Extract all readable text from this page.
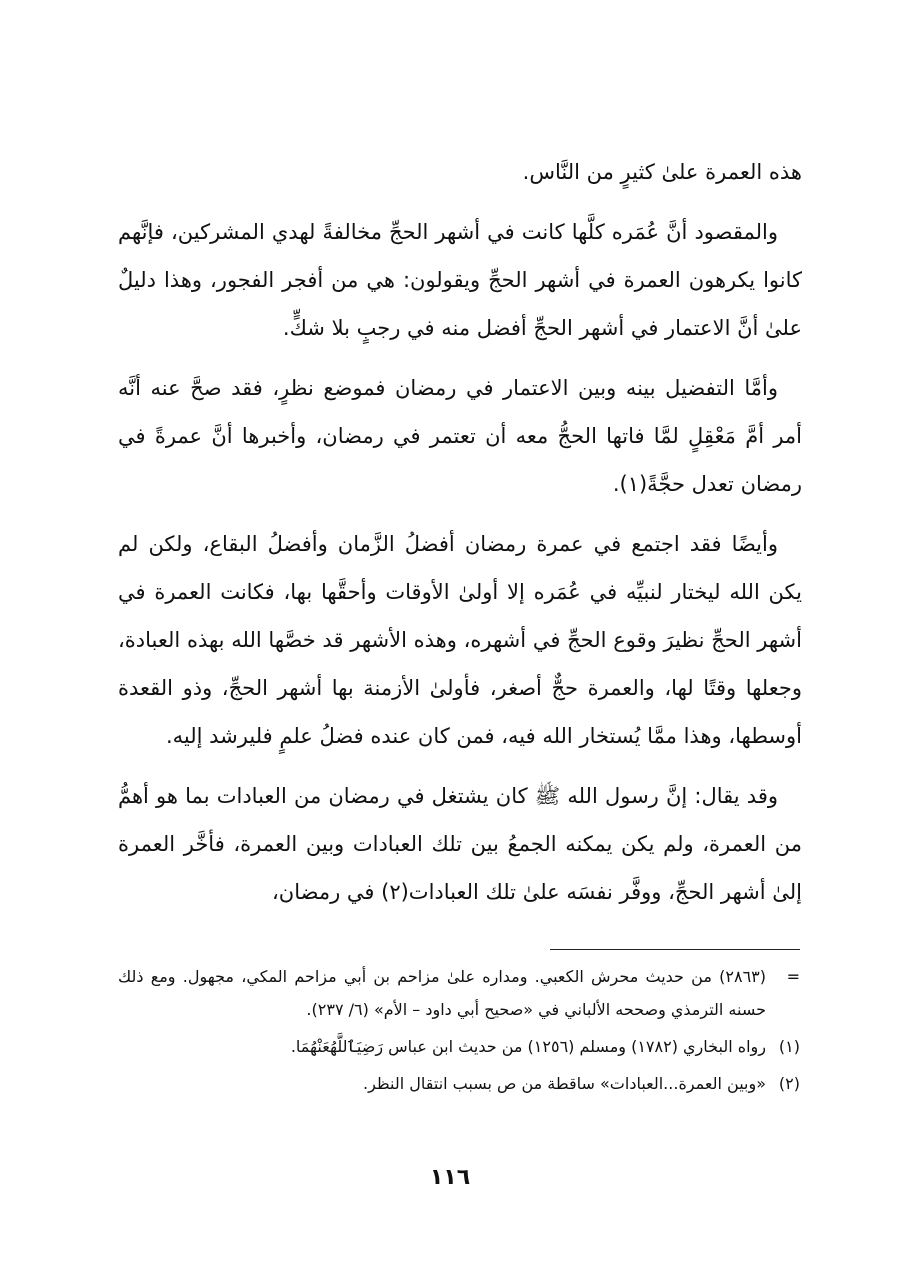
هذه العمرة علىٰ كثيرٍ من النَّاس.

والمقصود أنَّ عُمَره كلَّها كانت في أشهر الحجِّ مخالفةً لهدي المشركين، فإنَّهم كانوا يكرهون العمرة في أشهر الحجِّ ويقولون: هي من أفجر الفجور، وهذا دليلٌ علىٰ أنَّ الاعتمار في أشهر الحجِّ أفضل منه في رجبٍ بلا شكٍّ.

وأمَّا التفضيل بينه وبين الاعتمار في رمضان فموضع نظرٍ، فقد صحَّ عنه أنَّه أمر أمَّ مَعْقِلٍ لمَّا فاتها الحجُّ معه أن تعتمر في رمضان، وأخبرها أنَّ عمرةً في رمضان تعدل حجَّةً(١).

وأيضًا فقد اجتمع في عمرة رمضان أفضلُ الزَّمان وأفضلُ البقاع، ولكن لم يكن الله ليختار لنبيِّه في عُمَره إلا أولىٰ الأوقات وأحقَّها بها، فكانت العمرة في أشهر الحجِّ نظيرَ وقوع الحجِّ في أشهره، وهذه الأشهر قد خصَّها الله بهذه العبادة، وجعلها وقتًا لها، والعمرة حجٌّ أصغر، فأولىٰ الأزمنة بها أشهر الحجِّ، وذو القعدة أوسطها، وهذا ممَّا يُستخار الله فيه، فمن كان عنده فضلُ علمٍ فليرشد إليه.

وقد يقال: إنَّ رسول الله ﷺ كان يشتغل في رمضان من العبادات بما هو أهمُّ من العمرة، ولم يكن يمكنه الجمعُ بين تلك العبادات وبين العمرة، فأخَّر العمرة إلىٰ أشهر الحجِّ، ووفَّر نفسَه علىٰ تلك العبادات(٢) في رمضان،

=
(٢٨٦٣) من حديث محرش الكعبي. ومداره علىٰ مزاحم بن أبي مزاحم المكي، مجهول. ومع ذلك حسنه الترمذي وصححه الألباني في «صحيح أبي داود – الأم» (٦/ ٢٣٧).
(١)
رواه البخاري (١٧٨٢) ومسلم (١٢٥٦) من حديث ابن عباس رَضِيَٱللَّهُعَنْهُمَا.
(٢)
«وبين العمرة...العبادات» ساقطة من ص بسبب انتقال النظر.
١١٦
